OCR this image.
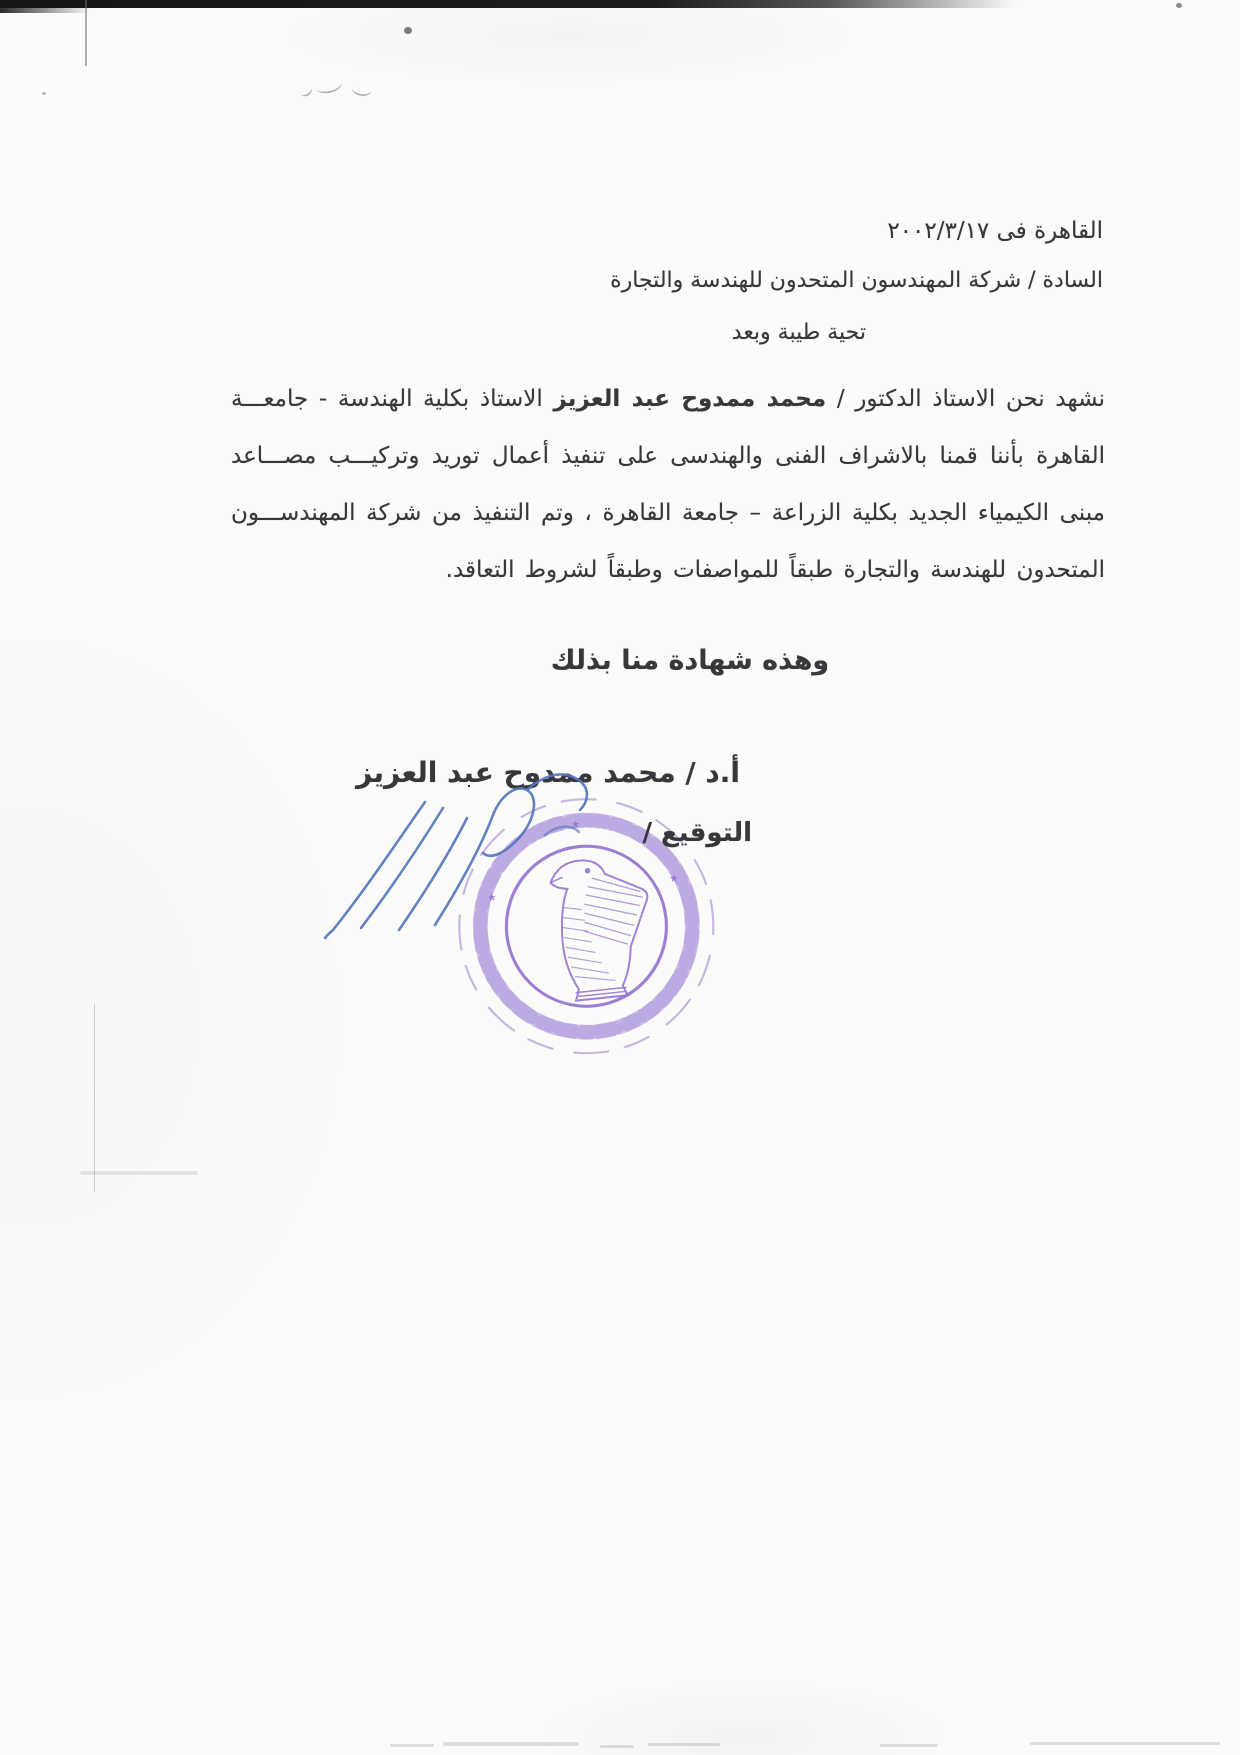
القاهرة فى ٢٠٠٢/٣/١٧
السادة / شركة المهندسون المتحدون للهندسة والتجارة
تحية طيبة وبعد
نشهد نحن الاستاذ الدكتور / محمد ممدوح عبد العزيز الاستاذ بكلية الهندسة - جامعـــة القاهرة بأننا قمنا بالاشراف الفنى والهندسى على تنفيذ أعمال توريد وتركيـــب مصـــاعد مبنى الكيمياء الجديد بكلية الزراعة – جامعة القاهرة ، وتم التنفيذ من شركة المهندســـون المتحدون للهندسة والتجارة طبقاً للمواصفات وطبقاً لشروط التعاقد.
وهذه شهادة منا بذلك
أ.د / محمد ممدوح عبد العزيز
التوقيع /
٭
٭
٭
